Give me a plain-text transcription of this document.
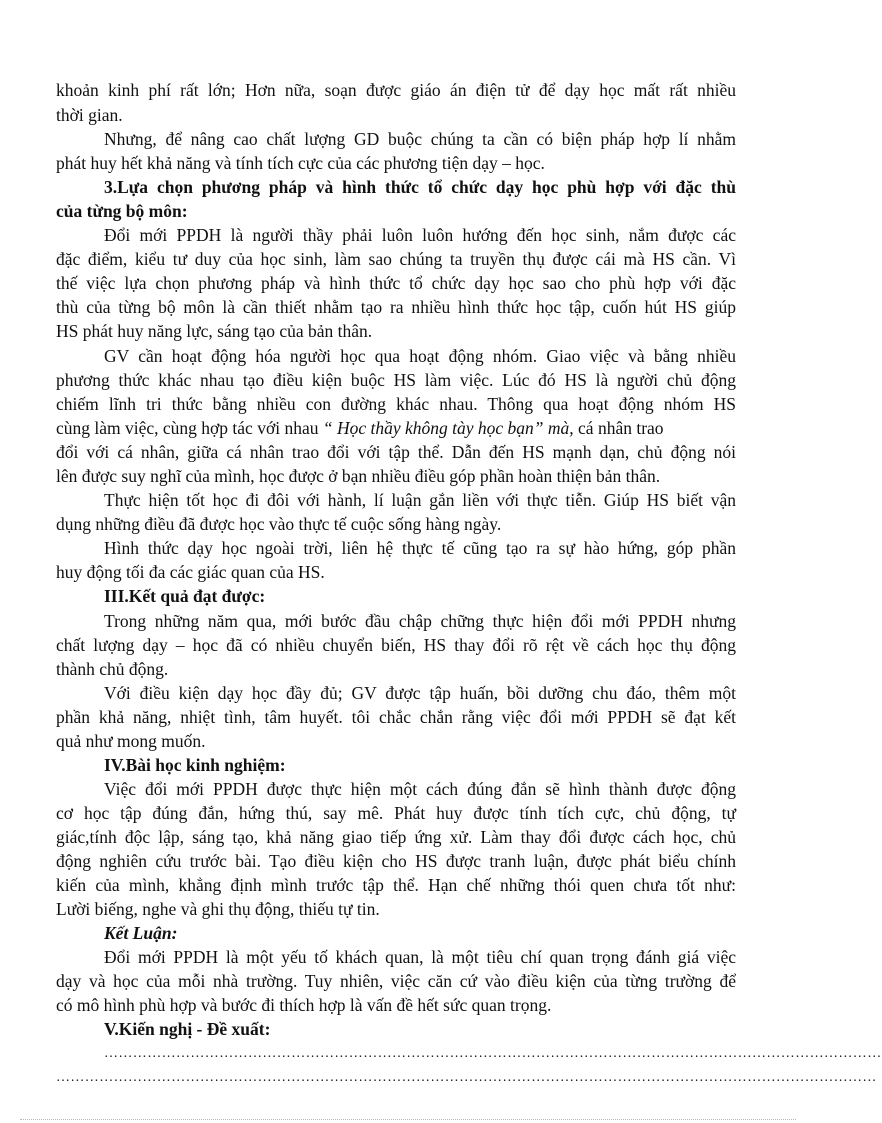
khoản kinh phí rất lớn; Hơn nữa, soạn được giáo án điện tử để dạy học mất rất nhiều
thời gian.
Nhưng, để nâng cao chất lượng GD buộc chúng ta cần có biện pháp hợp lí nhằm
phát huy hết khả năng và tính tích cực của các phương tiện dạy – học.
3.Lựa chọn phương pháp và hình thức tổ chức dạy học phù hợp với đặc thù
của từng bộ môn:
Đổi mới PPDH là người thầy phải luôn luôn hướng đến học sinh, nắm được các
đặc điểm, kiểu tư duy của học sinh, làm sao chúng ta truyền thụ được cái mà HS cần. Vì
thế việc lựa chọn phương pháp và hình thức tổ chức dạy học sao cho phù hợp với đặc
thù của từng bộ môn là cần thiết nhằm tạo ra nhiều hình thức học tập, cuốn hút HS giúp
HS phát huy năng lực, sáng tạo của bản thân.
GV cần hoạt động hóa người học qua hoạt động nhóm. Giao việc và bằng nhiều
phương thức khác nhau tạo điều kiện buộc HS làm việc. Lúc đó HS là người chủ động
chiếm lĩnh tri thức bằng nhiều con đường khác nhau. Thông qua hoạt động nhóm HS
cùng làm việc, cùng hợp tác với nhau “ Học thầy không tày học bạn” mà, cá nhân trao
đổi với cá nhân, giữa cá nhân trao đổi với tập thể. Dẫn đến HS mạnh dạn, chủ động nói
lên được suy nghĩ của mình, học được ở bạn nhiều điều góp phần hoàn thiện bản thân.
Thực hiện tốt học đi đôi với hành, lí luận gắn liền với thực tiễn. Giúp HS biết vận
dụng những điều đã được học vào thực tế cuộc sống hàng ngày.
Hình thức dạy học ngoài trời, liên hệ thực tế cũng tạo ra sự hào hứng, góp phần
huy động tối đa các giác quan của HS.
III.Kết quả đạt được:
Trong những năm qua, mới bước đầu chập chững thực hiện đổi mới PPDH nhưng
chất lượng dạy – học đã có nhiều chuyển biến, HS thay đổi rõ rệt về cách học thụ động
thành chủ động.
Với điều kiện dạy học đầy đủ; GV được tập huấn, bồi dưỡng chu đáo, thêm một
phần khả năng, nhiệt tình, tâm huyết. tôi chắc chắn rằng việc đổi mới PPDH sẽ đạt kết
quả như mong muốn.
IV.Bài học kinh nghiệm:
Việc đổi mới PPDH được thực hiện một cách đúng đắn sẽ hình thành được động
cơ học tập đúng đắn, hứng thú, say mê. Phát huy được tính tích cực, chủ động, tự
giác,tính độc lập, sáng tạo, khả năng giao tiếp ứng xử. Làm thay đổi được cách học, chủ
động nghiên cứu trước bài. Tạo điều kiện cho HS được tranh luận, được phát biểu chính
kiến của mình, khẳng định mình trước tập thể. Hạn chế những thói quen chưa tốt như:
Lười biếng, nghe và ghi thụ động, thiếu tự tin.
Kết Luận:
Đổi mới PPDH là một yếu tố khách quan, là một tiêu chí quan trọng đánh giá việc
dạy và học của mỗi nhà trường. Tuy nhiên, việc căn cứ vào điều kiện của từng trường để
có mô hình phù hợp và bước đi thích hợp là vấn đề hết sức quan trọng.
V.Kiến nghị - Đề xuất:
………………………………………………………………………………………………………………………………………………
………………………………………………………………………………………………………………………………………………………
